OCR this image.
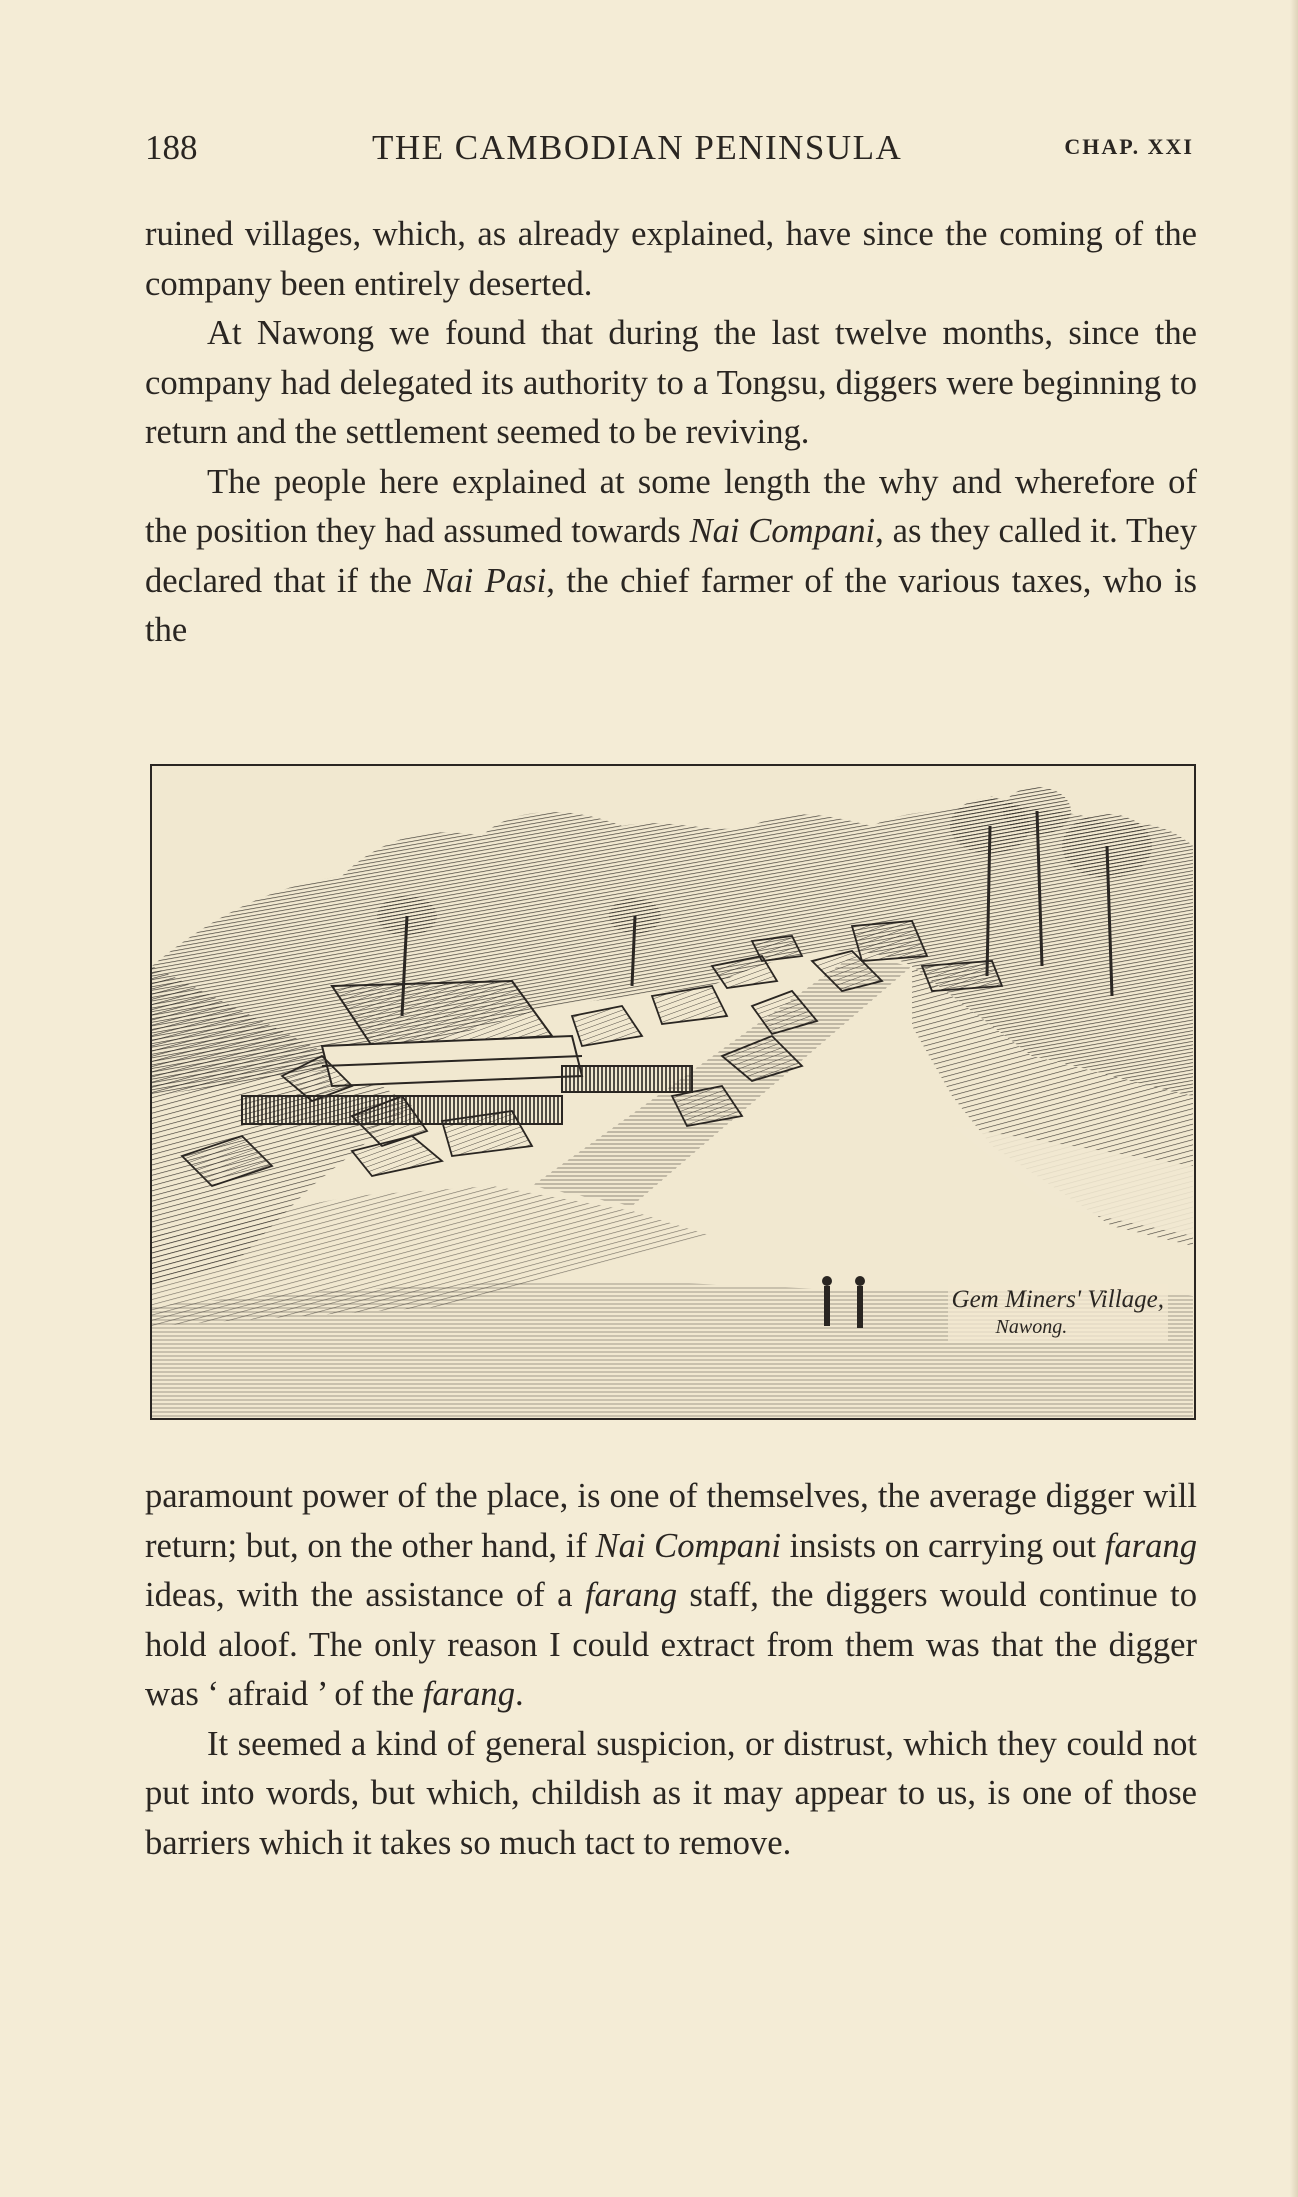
188	THE CAMBODIAN PENINSULA	CHAP. XXI

ruined villages, which, as already explained, have since the coming of the company been entirely deserted.

At Nawong we found that during the last twelve months, since the company had delegated its authority to a Tongsu, diggers were beginning to return and the settlement seemed to be reviving.

The people here explained at some length the why and wherefore of the position they had assumed towards Nai Compani, as they called it. They declared that if the Nai Pasi, the chief farmer of the various taxes, who is the

Gem Miners' Village,
Nawong.

paramount power of the place, is one of themselves, the average digger will return; but, on the other hand, if Nai Compani insists on carrying out farang ideas, with the assistance of a farang staff, the diggers would continue to hold aloof. The only reason I could extract from them was that the digger was ‘ afraid ’ of the farang.

It seemed a kind of general suspicion, or distrust, which they could not put into words, but which, childish as it may appear to us, is one of those barriers which it takes so much tact to remove.
